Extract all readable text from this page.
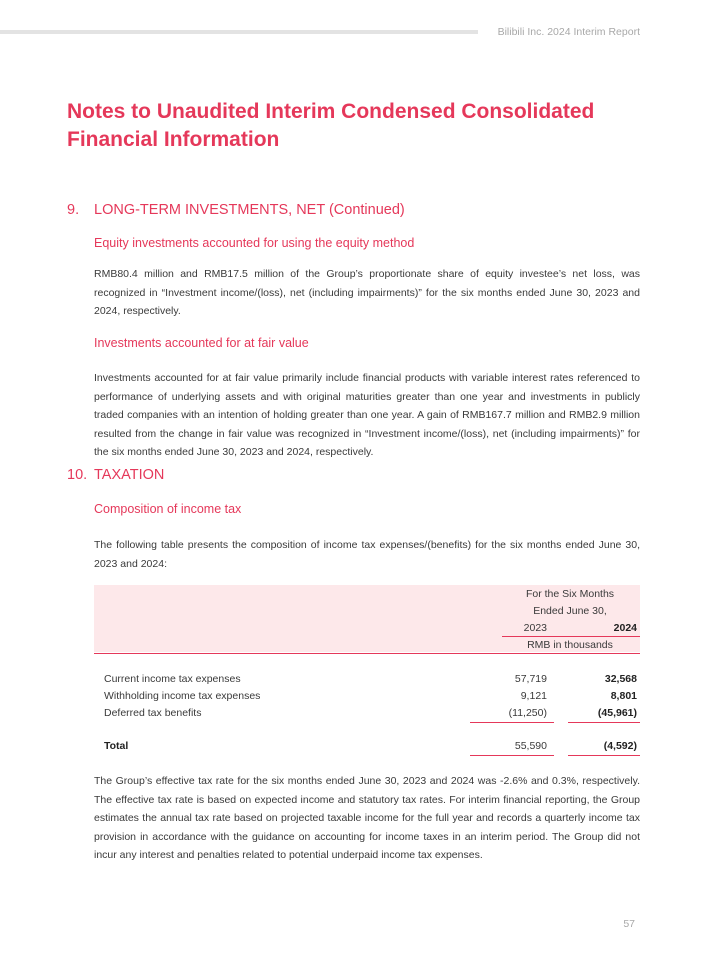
Bilibili Inc. 2024 Interim Report
Notes to Unaudited Interim Condensed Consolidated
Financial Information
9. LONG-TERM INVESTMENTS, NET (Continued)
Equity investments accounted for using the equity method
RMB80.4 million and RMB17.5 million of the Group’s proportionate share of equity investee’s net loss, was recognized in “Investment income/(loss), net (including impairments)” for the six months ended June 30, 2023 and 2024, respectively.
Investments accounted for at fair value
Investments accounted for at fair value primarily include financial products with variable interest rates referenced to performance of underlying assets and with original maturities greater than one year and investments in publicly traded companies with an intention of holding greater than one year. A gain of RMB167.7 million and RMB2.9 million resulted from the change in fair value was recognized in “Investment income/(loss), net (including impairments)” for the six months ended June 30, 2023 and 2024, respectively.
10. TAXATION
Composition of income tax
The following table presents the composition of income tax expenses/(benefits) for the six months ended June 30, 2023 and 2024:
For the Six Months
Ended June 30,
2023	2024
RMB in thousands
Current income tax expenses	57,719	32,568
Withholding income tax expenses	9,121	8,801
Deferred tax benefits	(11,250)	(45,961)
Total	55,590	(4,592)
The Group’s effective tax rate for the six months ended June 30, 2023 and 2024 was -2.6% and 0.3%, respectively. The effective tax rate is based on expected income and statutory tax rates. For interim financial reporting, the Group estimates the annual tax rate based on projected taxable income for the full year and records a quarterly income tax provision in accordance with the guidance on accounting for income taxes in an interim period. The Group did not incur any interest and penalties related to potential underpaid income tax expenses.
57
